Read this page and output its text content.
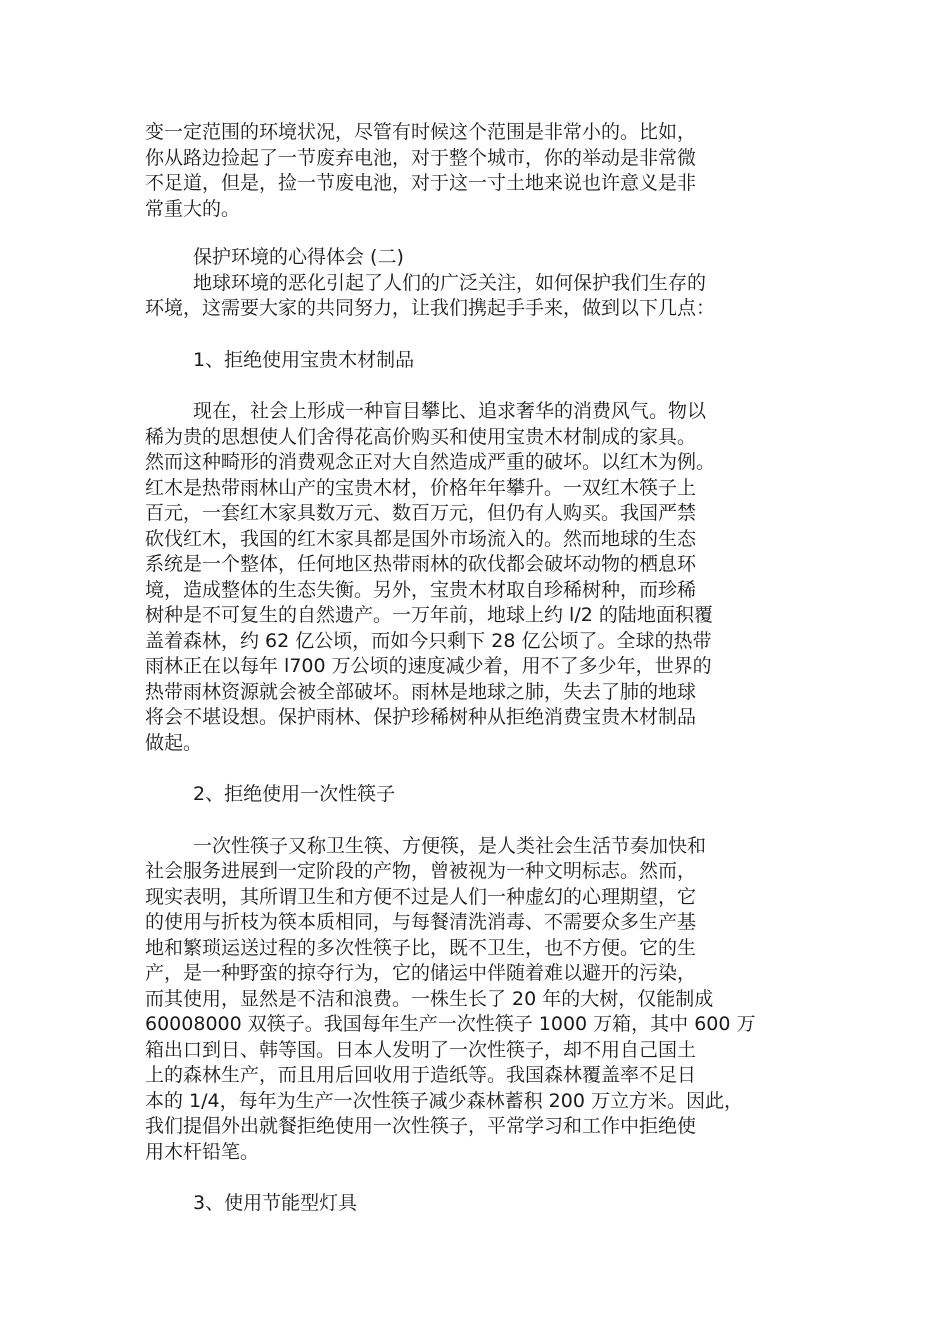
变一定范围的环境状况，尽管有时候这个范围是非常小的。比如，
你从路边捡起了一节废弃电池，对于整个城市，你的举动是非常微
不足道，但是，捡一节废电池，对于这一寸土地来说也许意义是非
常重大的。
保护环境的心得体会 (二)
地球环境的恶化引起了人们的广泛关注，如何保护我们生存的
环境，这需要大家的共同努力，让我们携起手手来，做到以下几点：
1、拒绝使用宝贵木材制品
现在，社会上形成一种盲目攀比、追求奢华的消费风气。物以
稀为贵的思想使人们舍得花高价购买和使用宝贵木材制成的家具。
然而这种畸形的消费观念正对大自然造成严重的破坏。以红木为例。
红木是热带雨林山产的宝贵木材，价格年年攀升。一双红木筷子上
百元，一套红木家具数万元、数百万元，但仍有人购买。我国严禁
砍伐红木，我国的红木家具都是国外市场流入的。然而地球的生态
系统是一个整体，任何地区热带雨林的砍伐都会破坏动物的栖息环
境，造成整体的生态失衡。另外，宝贵木材取自珍稀树种，而珍稀
树种是不可复生的自然遗产。一万年前，地球上约 l/2 的陆地面积覆
盖着森林，约 62 亿公顷，而如今只剩下 28 亿公顷了。全球的热带
雨林正在以每年 l700 万公顷的速度减少着，用不了多少年，世界的
热带雨林资源就会被全部破坏。雨林是地球之肺，失去了肺的地球
将会不堪设想。保护雨林、保护珍稀树种从拒绝消费宝贵木材制品
做起。
2、拒绝使用一次性筷子
一次性筷子又称卫生筷、方便筷，是人类社会生活节奏加快和
社会服务进展到一定阶段的产物，曾被视为一种文明标志。然而，
现实表明，其所谓卫生和方便不过是人们一种虚幻的心理期望，它
的使用与折枝为筷本质相同，与每餐清洗消毒、不需要众多生产基
地和繁琐运送过程的多次性筷子比，既不卫生，也不方便。它的生
产，是一种野蛮的掠夺行为，它的储运中伴随着难以避开的污染，
而其使用，显然是不洁和浪费。一株生长了 20 年的大树，仅能制成
60008000 双筷子。我国每年生产一次性筷子 1000 万箱，其中 600 万
箱出口到日、韩等国。日本人发明了一次性筷子，却不用自己国土
上的森林生产，而且用后回收用于造纸等。我国森林覆盖率不足日
本的 1/4，每年为生产一次性筷子减少森林蓄积 200 万立方米。因此，
我们提倡外出就餐拒绝使用一次性筷子，平常学习和工作中拒绝使
用木杆铅笔。
3、使用节能型灯具
